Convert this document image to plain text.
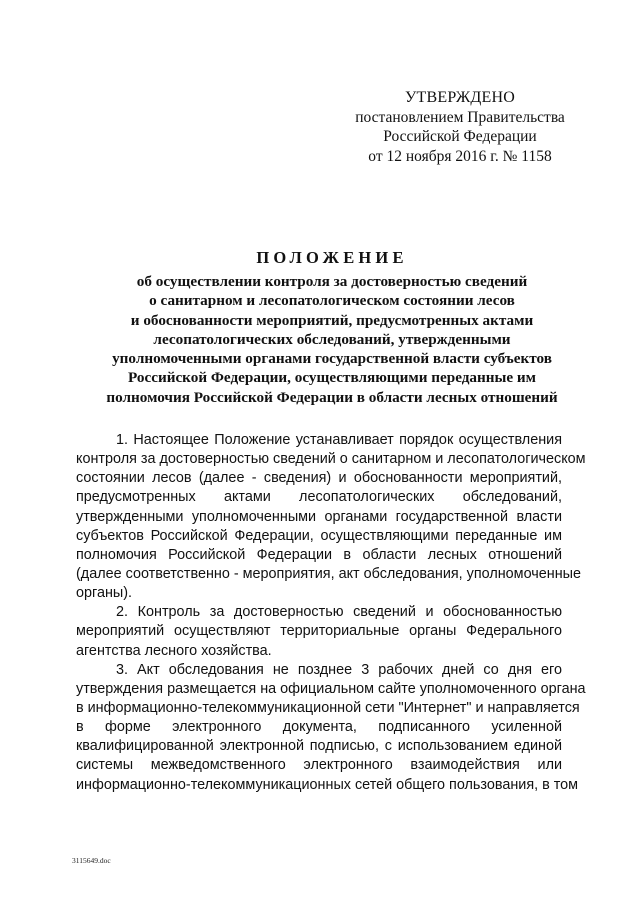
УТВЕРЖДЕНО
постановлением Правительства
Российской Федерации
от 12 ноября 2016 г. № 1158
ПОЛОЖЕНИЕ
об осуществлении контроля за достоверностью сведений
о санитарном и лесопатологическом состоянии лесов
и обоснованности мероприятий, предусмотренных актами
лесопатологических обследований, утвержденными
уполномоченными органами государственной власти субъектов
Российской Федерации, осуществляющими переданные им
полномочия Российской Федерации в области лесных отношений
1. Настоящее Положение устанавливает порядок осуществления
контроля за достоверностью сведений о санитарном и лесопатологическом
состоянии лесов (далее - сведения) и обоснованности мероприятий,
предусмотренных актами лесопатологических обследований,
утвержденными уполномоченными органами государственной власти
субъектов Российской Федерации, осуществляющими переданные им
полномочия Российской Федерации в области лесных отношений
(далее соответственно - мероприятия, акт обследования, уполномоченные
органы).
2. Контроль за достоверностью сведений и обоснованностью
мероприятий осуществляют территориальные органы Федерального
агентства лесного хозяйства.
3. Акт обследования не позднее 3 рабочих дней со дня его
утверждения размещается на официальном сайте уполномоченного органа
в информационно-телекоммуникационной сети "Интернет" и направляется
в форме электронного документа, подписанного усиленной
квалифицированной электронной подписью, с использованием единой
системы межведомственного электронного взаимодействия или
информационно-телекоммуникационных сетей общего пользования, в том
3115649.doc
